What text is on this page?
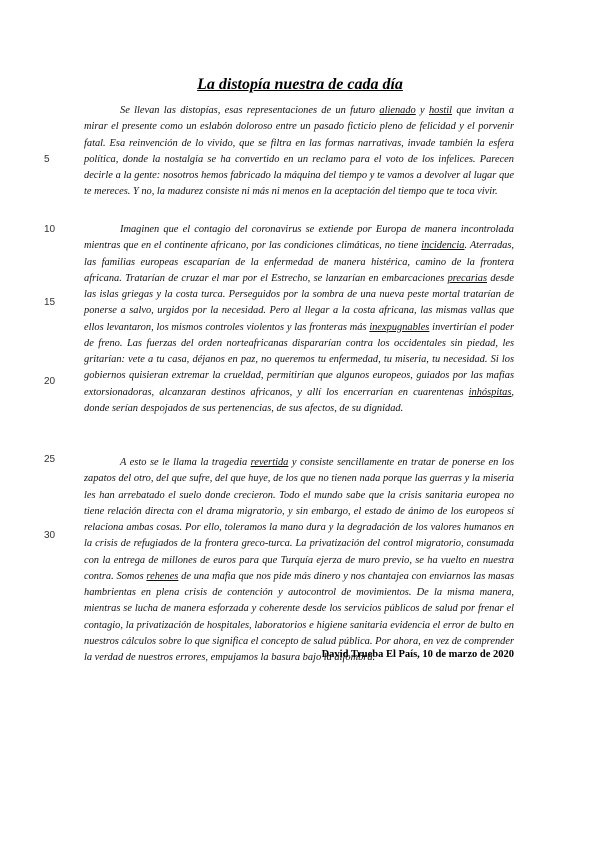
La distopía nuestra de cada día
5
10
15
20
25
30

Se llevan las distopías, esas representaciones de un futuro alienado y hostil que invitan a mirar el presente como un eslabón doloroso entre un pasado ficticio pleno de felicidad y el porvenir fatal. Esa reinvención de lo vivido, que se filtra en las formas narrativas, invade también la esfera política, donde la nostalgia se ha convertido en un reclamo para el voto de los infelices. Parecen decirle a la gente: nosotros hemos fabricado la máquina del tiempo y te vamos a devolver al lugar que te mereces. Y no, la madurez consiste ni más ni menos en la aceptación del tiempo que te toca vivir.

Imaginen que el contagio del coronavirus se extiende por Europa de manera incontrolada mientras que en el continente africano, por las condiciones climáticas, no tiene incidencia. Aterradas, las familias europeas escaparían de la enfermedad de manera histérica, camino de la frontera africana. Tratarían de cruzar el mar por el Estrecho, se lanzarían en embarcaciones precarias desde las islas griegas y la costa turca. Perseguidos por la sombra de una nueva peste mortal tratarían de ponerse a salvo, urgidos por la necesidad. Pero al llegar a la costa africana, las mismas vallas que ellos levantaron, los mismos controles violentos y las fronteras más inexpugnables invertirían el poder de freno. Las fuerzas del orden norteafricanas dispararían contra los occidentales sin piedad, les gritarían: vete a tu casa, déjanos en paz, no queremos tu enfermedad, tu miseria, tu necesidad. Si los gobiernos quisieran extremar la crueldad, permitirían que algunos europeos, guiados por las mafias extorsionadoras, alcanzaran destinos africanos, y allí los encerrarían en cuarentenas inhóspitas, donde serían despojados de sus pertenencias, de sus afectos, de su dignidad.

A esto se le llama la tragedia revertida y consiste sencillamente en tratar de ponerse en los zapatos del otro, del que sufre, del que huye, de los que no tienen nada porque las guerras y la miseria les han arrebatado el suelo donde crecieron. Todo el mundo sabe que la crisis sanitaria europea no tiene relación directa con el drama migratorio, y sin embargo, el estado de ánimo de los europeos sí relaciona ambas cosas. Por ello, toleramos la mano dura y la degradación de los valores humanos en la crisis de refugiados de la frontera greco-turca. La privatización del control migratorio, consumada con la entrega de millones de euros para que Turquía ejerza de muro previo, se ha vuelto en nuestra contra. Somos rehenes de una mafia que nos pide más dinero y nos chantajea con enviarnos las masas hambrientas en plena crisis de contención y autocontrol de movimientos. De la misma manera, mientras se lucha de manera esforzada y coherente desde los servicios públicos de salud por frenar el contagio, la privatización de hospitales, laboratorios e higiene sanitaria evidencia el error de bulto en nuestros cálculos sobre lo que significa el concepto de salud pública. Por ahora, en vez de comprender la verdad de nuestros errores, empujamos la basura bajo la alfombra.

David Trueba El País, 10 de marzo de 2020
